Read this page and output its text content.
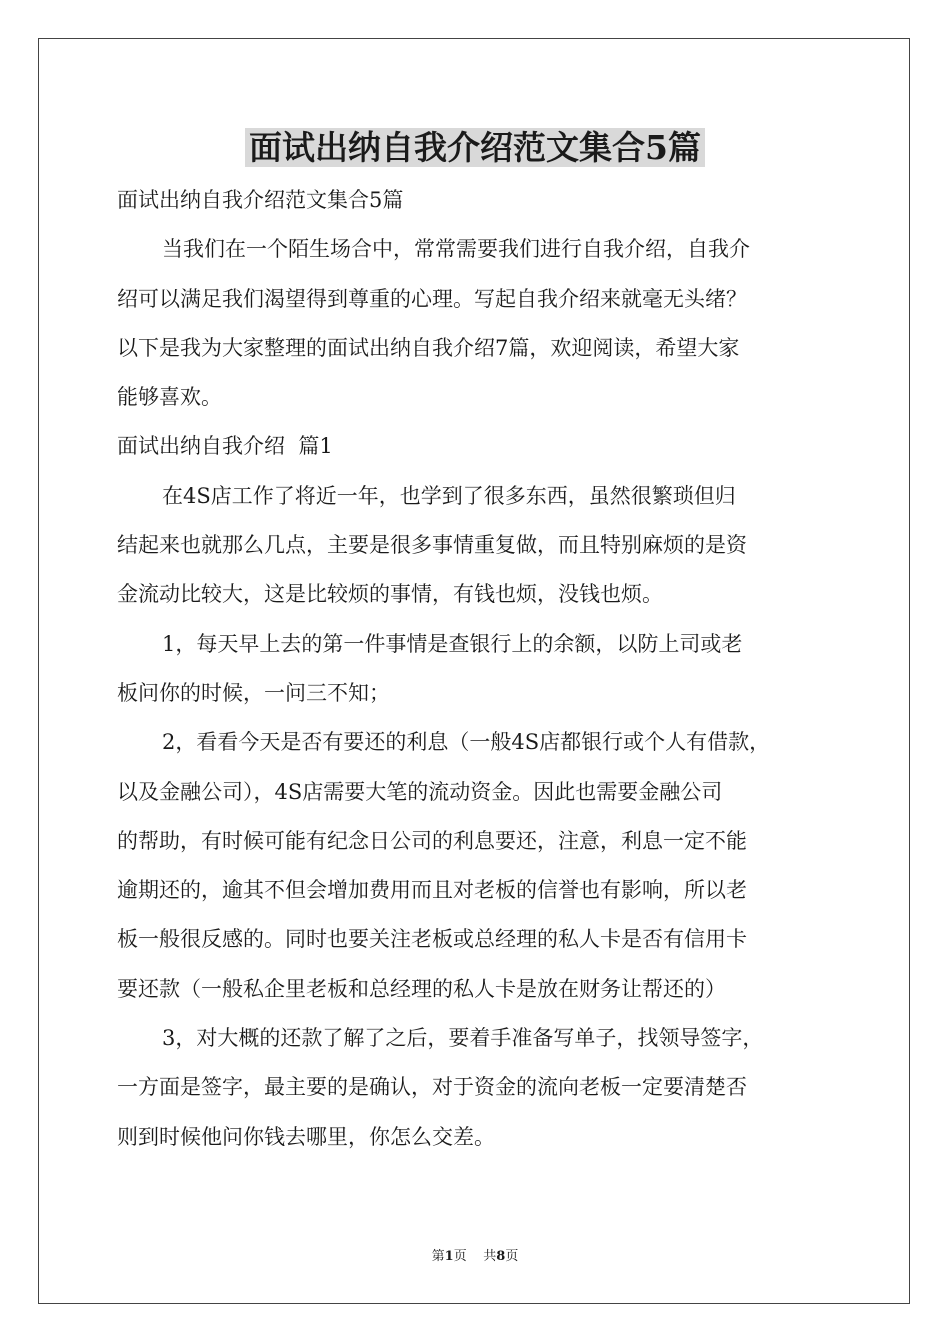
面试出纳自我介绍范文集合5篇

面试出纳自我介绍范文集合5篇

当我们在一个陌生场合中，常常需要我们进行自我介绍，自我介
绍可以满足我们渴望得到尊重的心理。写起自我介绍来就毫无头绪？
以下是我为大家整理的面试出纳自我介绍7篇，欢迎阅读，希望大家
能够喜欢。

面试出纳自我介绍  篇1

在4S店工作了将近一年，也学到了很多东西，虽然很繁琐但归
结起来也就那么几点，主要是很多事情重复做，而且特别麻烦的是资
金流动比较大，这是比较烦的事情，有钱也烦，没钱也烦。

1，每天早上去的第一件事情是查银行上的余额，以防上司或老
板问你的时候，一问三不知；

2，看看今天是否有要还的利息（一般4S店都银行或个人有借款，
以及金融公司），4S店需要大笔的流动资金。因此也需要金融公司
的帮助，有时候可能有纪念日公司的利息要还，注意，利息一定不能
逾期还的，逾其不但会增加费用而且对老板的信誉也有影响，所以老
板一般很反感的。同时也要关注老板或总经理的私人卡是否有信用卡
要还款（一般私企里老板和总经理的私人卡是放在财务让帮还的）

3，对大概的还款了解了之后，要着手准备写单子，找领导签字，
一方面是签字，最主要的是确认，对于资金的流向老板一定要清楚否
则到时候他问你钱去哪里，你怎么交差。

第1页 共8页
